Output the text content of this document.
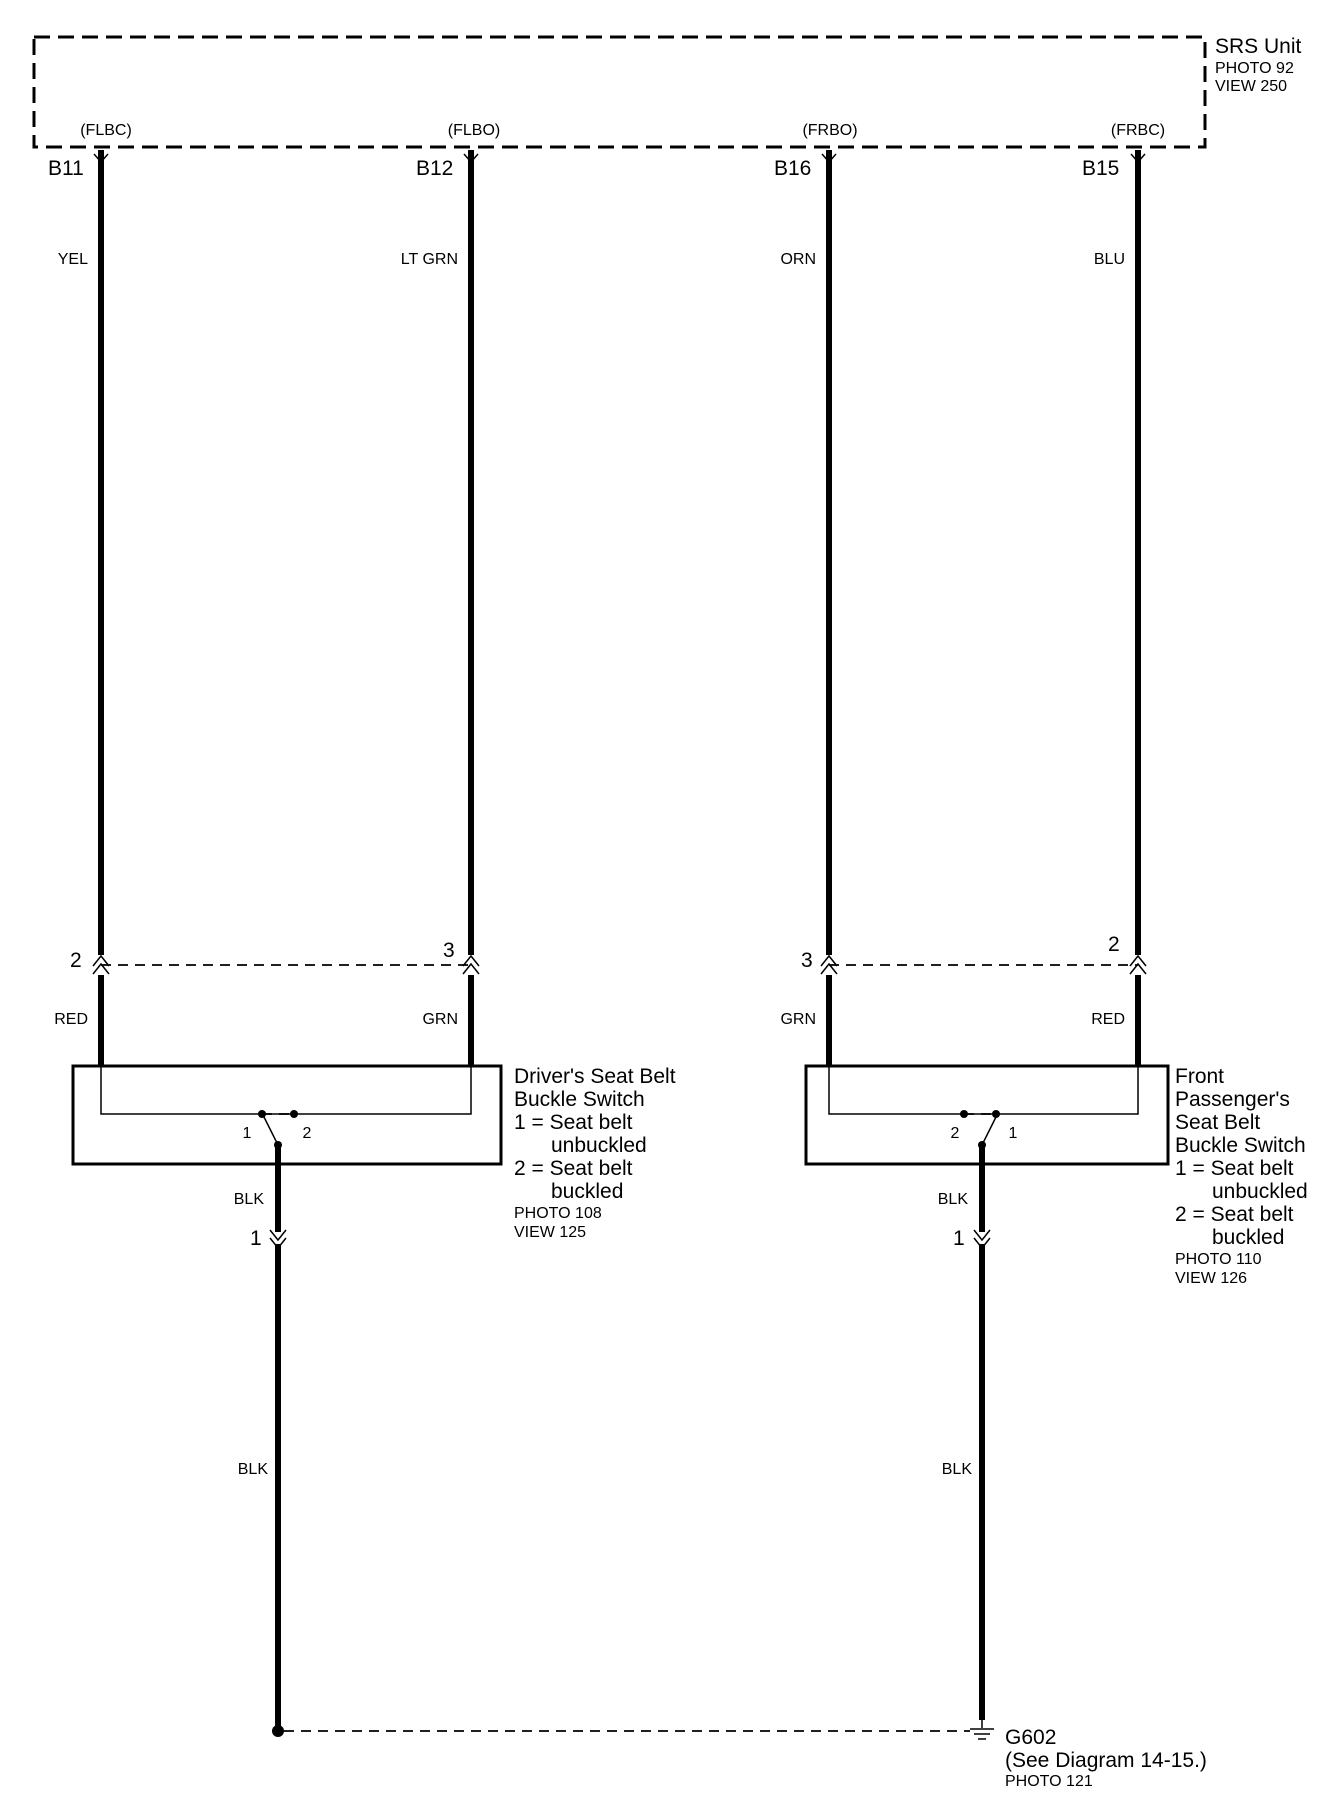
SRS Unit
PHOTO 92
VIEW 250
(FLBC)	(FLBO)	(FRBO)	(FRBC)
B11	B12	B16	B15
YEL	LT GRN	ORN	BLU
2	3	3
2
RED	GRN	GRN	RED
1	2
Driver's Seat Belt
Buckle Switch
1 = Seat belt
unbuckled
2 = Seat belt
buckled
PHOTO 108
VIEW 125
2	1
Front
Passenger's
Seat Belt
Buckle Switch
1 = Seat belt
unbuckled
2 = Seat belt
buckled
PHOTO 110
VIEW 126
BLK	BLK
1	1
BLK	BLK
G602
(See Diagram 14-15.)
PHOTO 121
